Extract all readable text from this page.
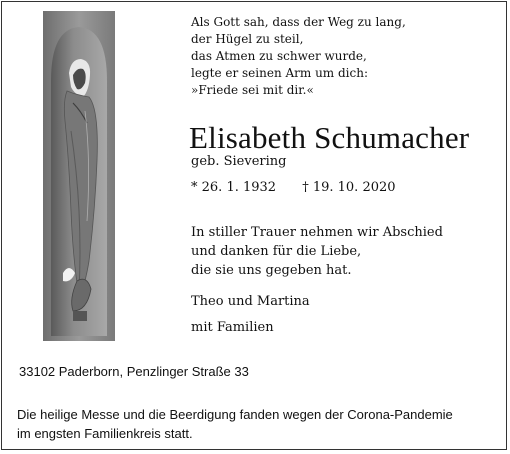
Als Gott sah, dass der Weg zu lang,
der Hügel zu steil,
das Atmen zu schwer wurde,
legte er seinen Arm um dich:
»Friede sei mit dir.«
Elisabeth Schumacher
geb. Sievering
* 26. 1. 1932 † 19. 10. 2020
In stiller Trauer nehmen wir Abschied
und danken für die Liebe,
die sie uns gegeben hat.
Theo und Martina
mit Familien
33102 Paderborn, Penzlinger Straße 33
Die heilige Messe und die Beerdigung fanden wegen der Corona-Pandemie
im engsten Familienkreis statt.
